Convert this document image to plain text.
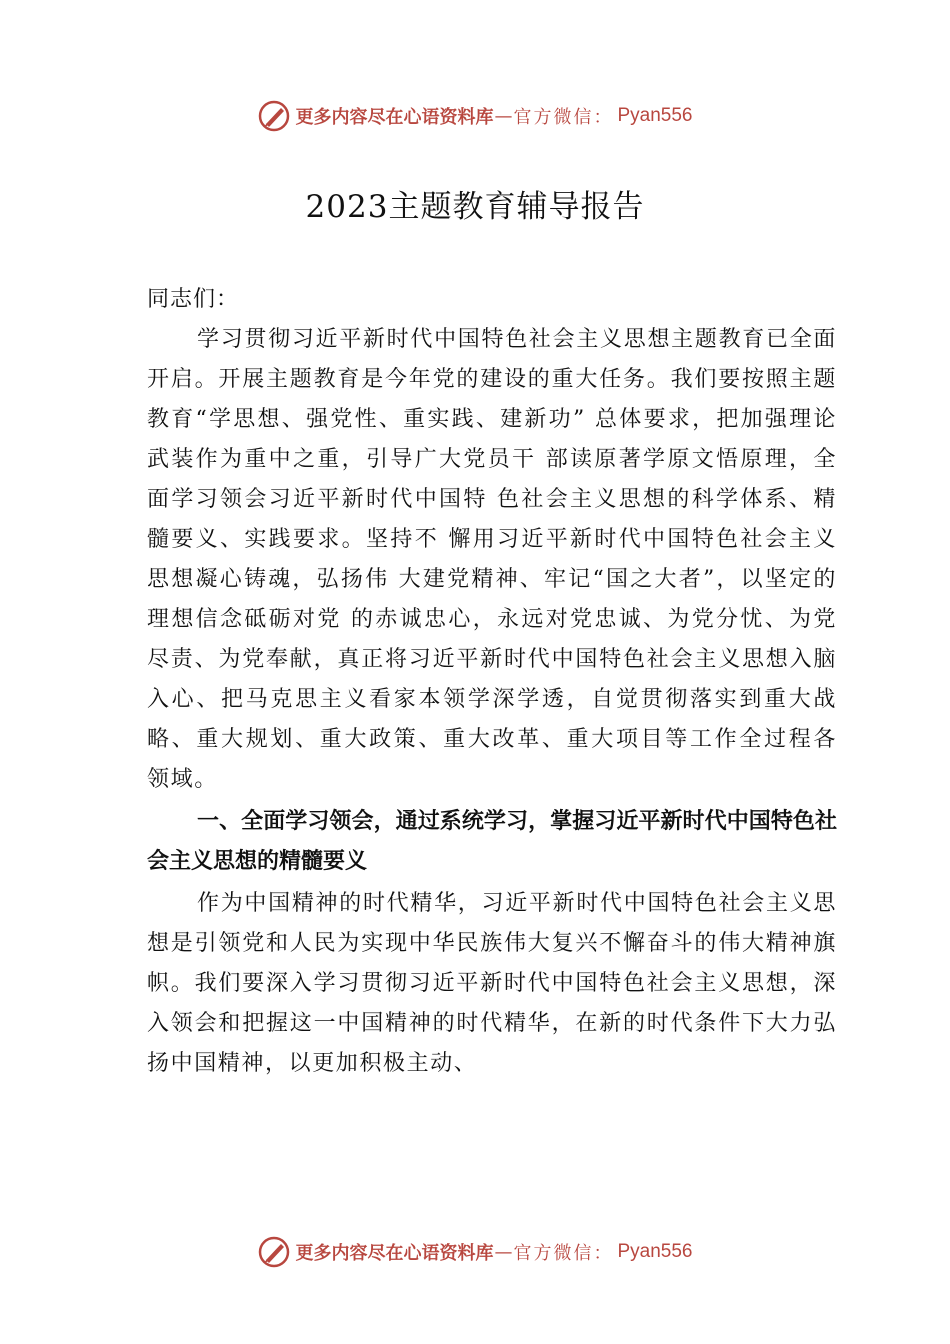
更多内容尽在心语资料库 — 官方微信： Pyan556
2023主题教育辅导报告

同志们：

学习贯彻习近平新时代中国特色社会主义思想主题教育已全面开启。开展主题教育是今年党的建设的重大任务。我们要按照主题教育“学思想、强党性、重实践、建新功” 总体要求，把加强理论武装作为重中之重，引导广大党员干 部读原著学原文悟原理，全面学习领会习近平新时代中国特 色社会主义思想的科学体系、精髓要义、实践要求。坚持不 懈用习近平新时代中国特色社会主义思想凝心铸魂，弘扬伟 大建党精神、牢记“国之大者”，以坚定的理想信念砥砺对党 的赤诚忠心，永远对党忠诚、为党分忧、为党尽责、为党奉献，真正将习近平新时代中国特色社会主义思想入脑入心、把马克思主义看家本领学深学透，自觉贯彻落实到重大战略、重大规划、重大政策、重大改革、重大项目等工作全过程各 领域。

一、全面学习领会，通过系统学习，掌握习近平新时代中国特色社会主义思想的精髓要义

作为中国精神的时代精华，习近平新时代中国特色社会主义思想是引领党和人民为实现中华民族伟大复兴不懈奋斗的伟大精神旗帜。我们要深入学习贯彻习近平新时代中国特色社会主义思想，深入领会和把握这一中国精神的时代精华，在新的时代条件下大力弘扬中国精神，以更加积极主动、

更多内容尽在心语资料库 — 官方微信： Pyan556
